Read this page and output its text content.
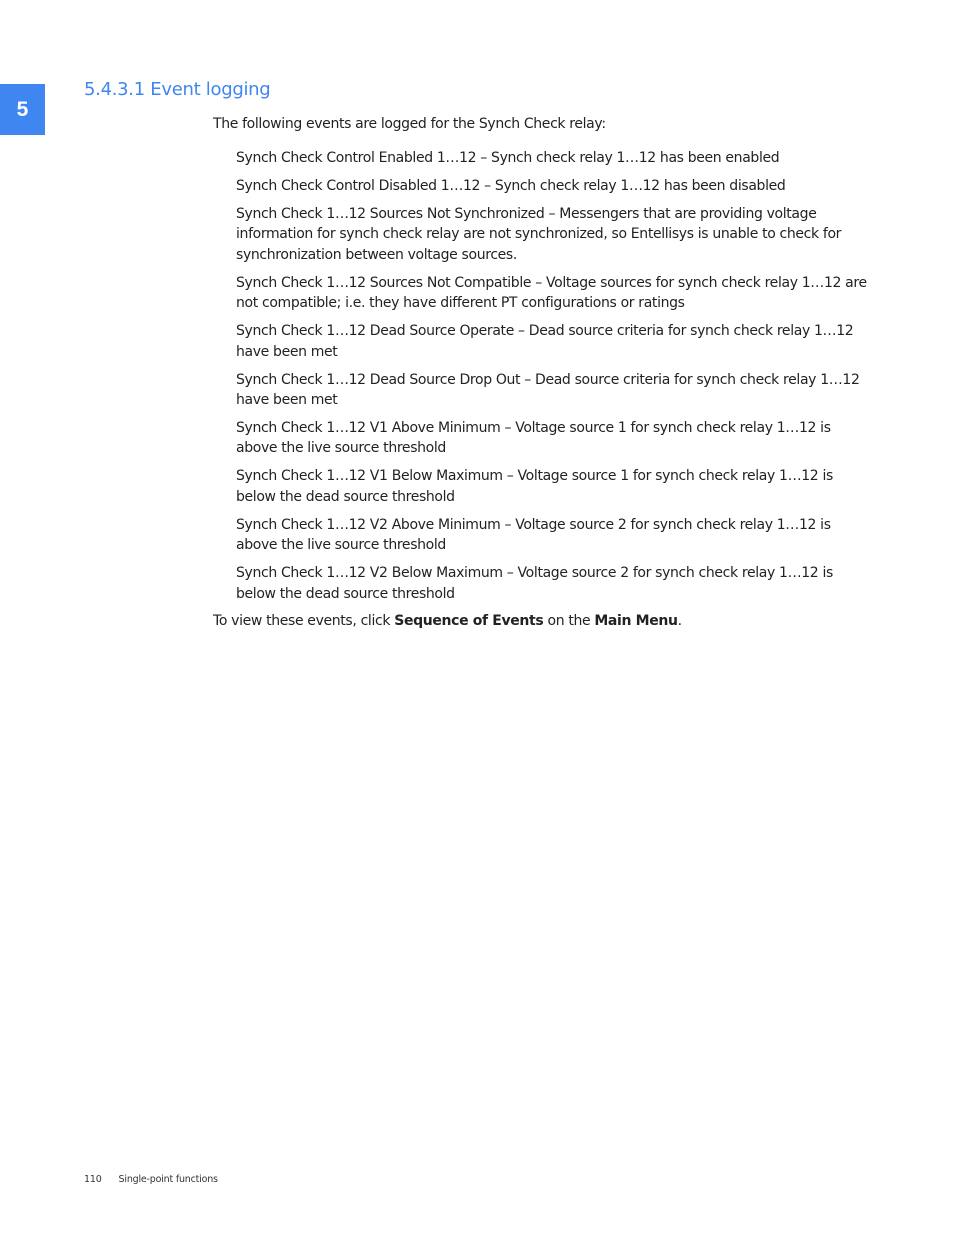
5
5.4.3.1 Event logging

The following events are logged for the Synch Check relay:

Synch Check Control Enabled 1…12 – Synch check relay 1…12 has been enabled
Synch Check Control Disabled 1…12 – Synch check relay 1…12 has been disabled
Synch Check 1…12 Sources Not Synchronized – Messengers that are providing voltage information for synch check relay are not synchronized, so Entellisys is unable to check for synchronization between voltage sources.
Synch Check 1…12 Sources Not Compatible – Voltage sources for synch check relay 1…12 are not compatible; i.e. they have different PT configurations or ratings
Synch Check 1…12 Dead Source Operate – Dead source criteria for synch check relay 1…12 have been met
Synch Check 1…12 Dead Source Drop Out – Dead source criteria for synch check relay 1…12 have been met
Synch Check 1…12 V1 Above Minimum – Voltage source 1 for synch check relay 1…12 is above the live source threshold
Synch Check 1…12 V1 Below Maximum – Voltage source 1 for synch check relay 1…12 is below the dead source threshold
Synch Check 1…12 V2 Above Minimum – Voltage source 2 for synch check relay 1…12 is above the live source threshold
Synch Check 1…12 V2 Below Maximum – Voltage source 2 for synch check relay 1…12 is below the dead source threshold

To view these events, click Sequence of Events on the Main Menu.

110 Single-point functions
